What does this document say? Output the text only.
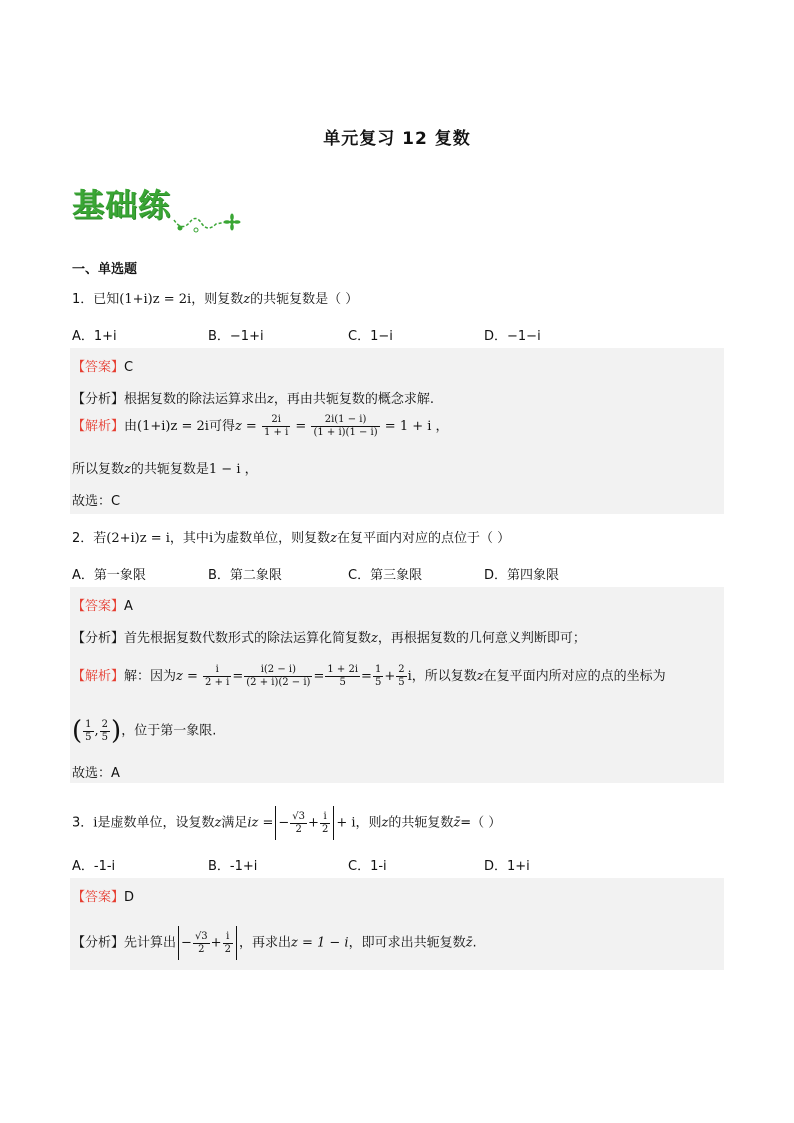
单元复习 12 复数
基础练
一、单选题
1．已知(1+i)z = 2i，则复数z的共轭复数是（ ）
A．1+i	B．−1+i	C．1−i	D．−1−i
【答案】C
【分析】根据复数的除法运算求出z，再由共轭复数的概念求解.
【解析】由(1+i)z = 2i可得$z = \frac{2i}{1 + i} = \frac{2i(1 - i)}{(1 + i)(1 - i)} = 1 + i$ ，
所以复数z的共轭复数是1 − i ，
故选：C
2．若(2+i)z = i，其中i为虚数单位，则复数z在复平面内对应的点位于（ ）
A．第一象限	B．第二象限	C．第三象限	D．第四象限
【答案】A
【分析】首先根据复数代数形式的除法运算化简复数z，再根据复数的几何意义判断即可；
【解析】解：因为$z = \frac{i}{2 + i} = \frac{i(2 - i)}{(2 + i)(2 - i)} = \frac{1 + 2i}{5} = \frac{1}{5} + \frac{2}{5}$ i，所以复数z在复平面内所对应的点的坐标为
( $\frac{1}{5}$ , $\frac{2}{5}$ )，位于第一象限.
故选：A
3．i是虚数单位，设复数z满足iz = − $\frac{√3}{2} + \frac{i}{2} + i$，则z的共轭复数z̄=（ ）
A．-1-i	B．-1+i	C．1-i	D．1+i
【答案】D
【分析】先计算出 − $\frac{√3}{2} + \frac{i}{2}$ ，再求出z = 1 − i，即可求出共轭复数z̄.
